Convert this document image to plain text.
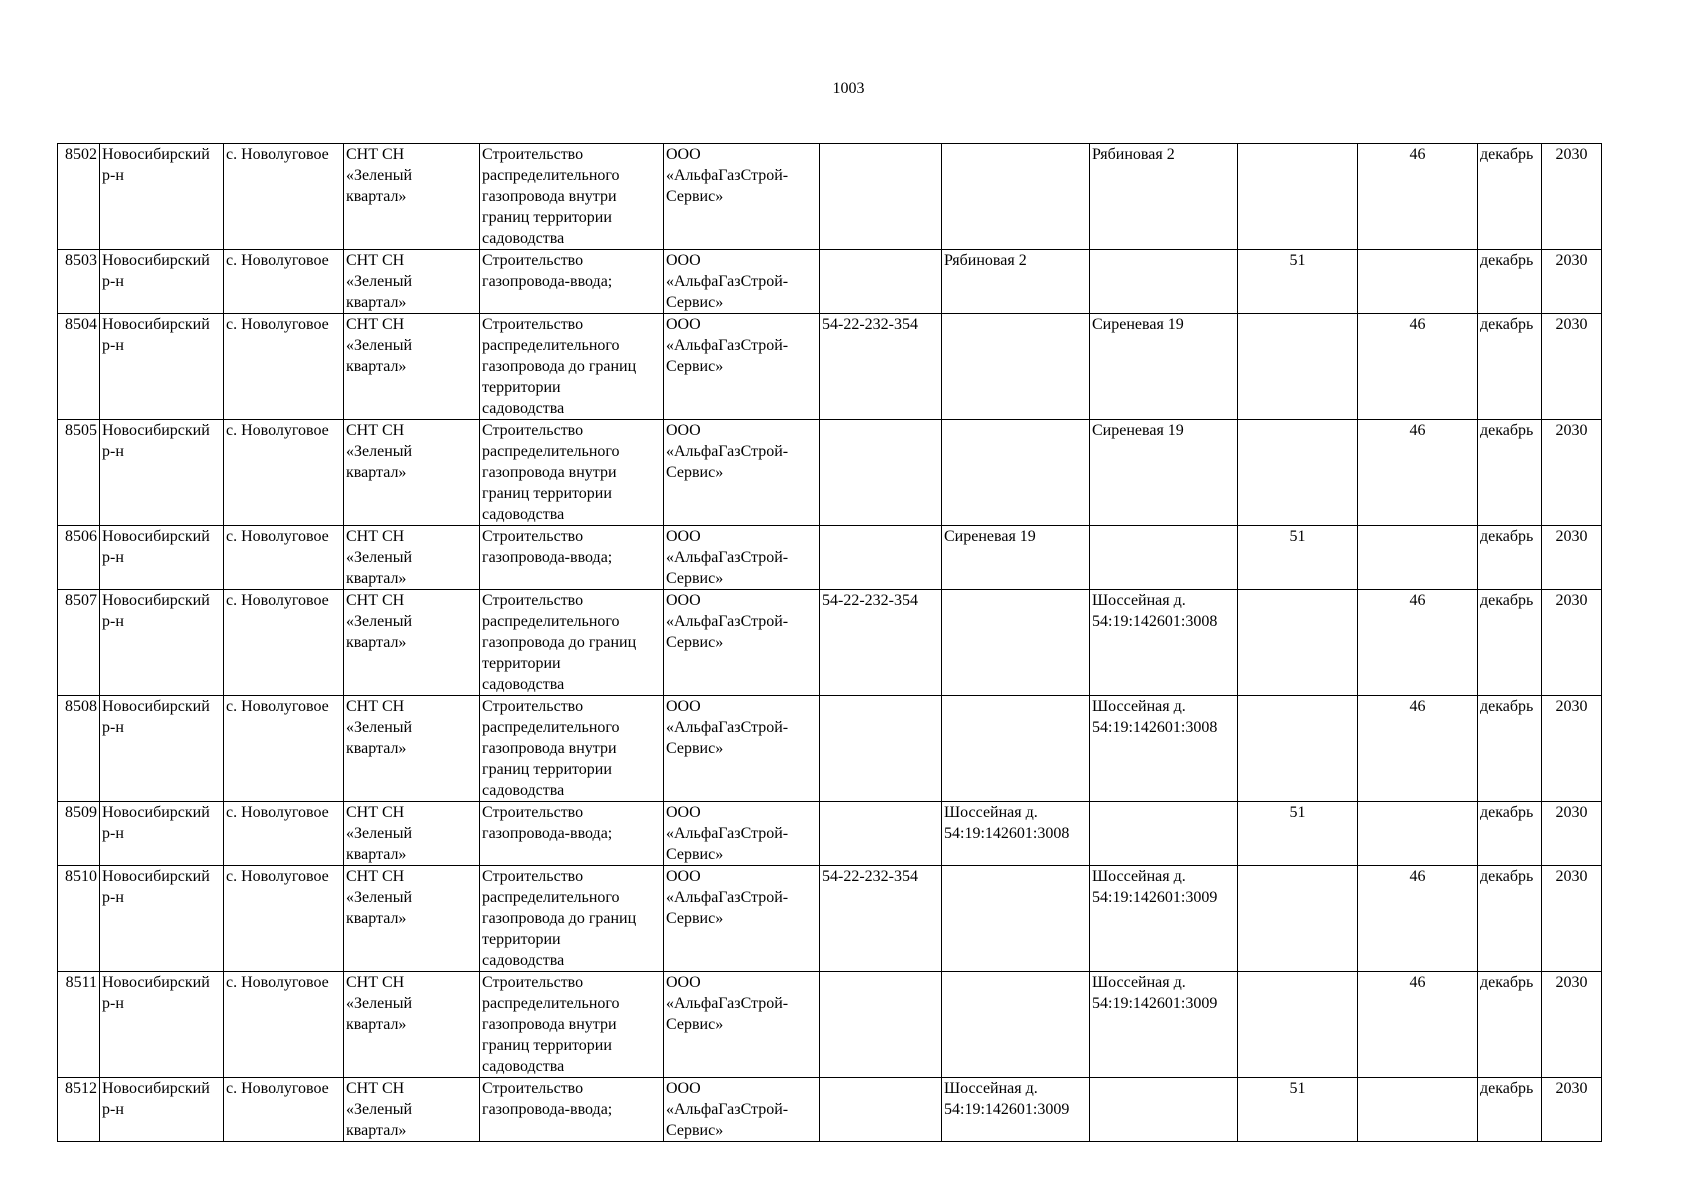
1003
8502	Новосибирский
р-н	с. Новолуговое	СНТ СН
«Зеленый
квартал»	Строительство
распределительного
газопровода внутри
границ территории
садоводства	ООО
«АльфаГазСтрой-
Сервис»			Рябиновая 2		46	декабрь	2030
8503	Новосибирский
р-н	с. Новолуговое	СНТ СН
«Зеленый
квартал»	Строительство
газопровода-ввода;	ООО
«АльфаГазСтрой-
Сервис»		Рябиновая 2		51		декабрь	2030
8504	Новосибирский
р-н	с. Новолуговое	СНТ СН
«Зеленый
квартал»	Строительство
распределительного
газопровода до границ
территории
садоводства	ООО
«АльфаГазСтрой-
Сервис»	54-22-232-354		Сиреневая 19		46	декабрь	2030
8505	Новосибирский
р-н	с. Новолуговое	СНТ СН
«Зеленый
квартал»	Строительство
распределительного
газопровода внутри
границ территории
садоводства	ООО
«АльфаГазСтрой-
Сервис»			Сиреневая 19		46	декабрь	2030
8506	Новосибирский
р-н	с. Новолуговое	СНТ СН
«Зеленый
квартал»	Строительство
газопровода-ввода;	ООО
«АльфаГазСтрой-
Сервис»		Сиреневая 19		51		декабрь	2030
8507	Новосибирский
р-н	с. Новолуговое	СНТ СН
«Зеленый
квартал»	Строительство
распределительного
газопровода до границ
территории
садоводства	ООО
«АльфаГазСтрой-
Сервис»	54-22-232-354		Шоссейная д.
54:19:142601:3008		46	декабрь	2030
8508	Новосибирский
р-н	с. Новолуговое	СНТ СН
«Зеленый
квартал»	Строительство
распределительного
газопровода внутри
границ территории
садоводства	ООО
«АльфаГазСтрой-
Сервис»			Шоссейная д.
54:19:142601:3008		46	декабрь	2030
8509	Новосибирский
р-н	с. Новолуговое	СНТ СН
«Зеленый
квартал»	Строительство
газопровода-ввода;	ООО
«АльфаГазСтрой-
Сервис»		Шоссейная д.
54:19:142601:3008		51		декабрь	2030
8510	Новосибирский
р-н	с. Новолуговое	СНТ СН
«Зеленый
квартал»	Строительство
распределительного
газопровода до границ
территории
садоводства	ООО
«АльфаГазСтрой-
Сервис»	54-22-232-354		Шоссейная д.
54:19:142601:3009		46	декабрь	2030
8511	Новосибирский
р-н	с. Новолуговое	СНТ СН
«Зеленый
квартал»	Строительство
распределительного
газопровода внутри
границ территории
садоводства	ООО
«АльфаГазСтрой-
Сервис»			Шоссейная д.
54:19:142601:3009		46	декабрь	2030
8512	Новосибирский
р-н	с. Новолуговое	СНТ СН
«Зеленый
квартал»	Строительство
газопровода-ввода;	ООО
«АльфаГазСтрой-
Сервис»		Шоссейная д.
54:19:142601:3009		51		декабрь	2030
